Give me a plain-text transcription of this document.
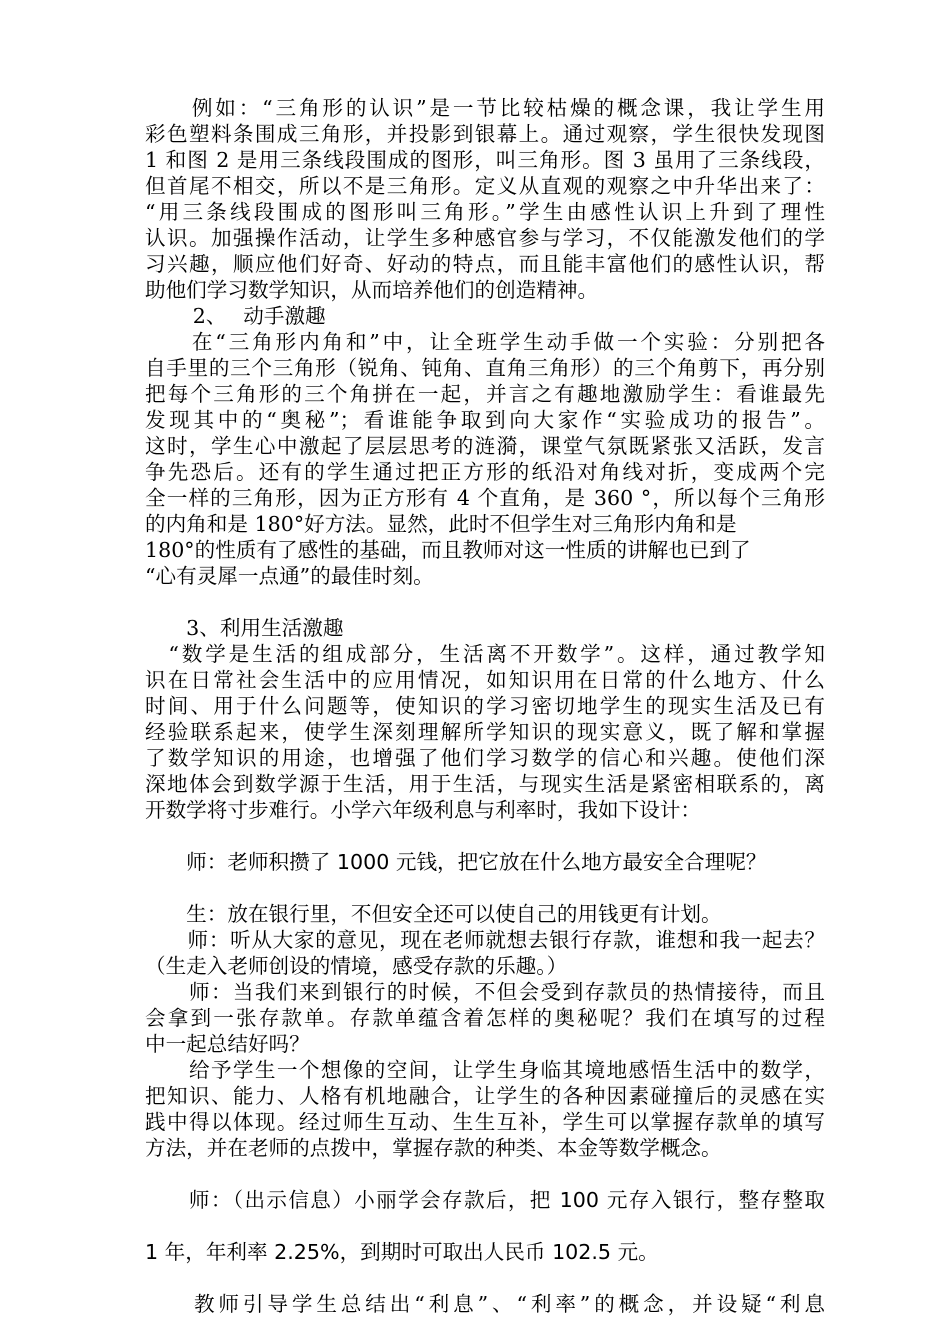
　　例如：“三角形的认识”是一节比较枯燥的概念课，我让学生用
彩色塑料条围成三角形，并投影到银幕上。通过观察，学生很快发现图
1 和图 2 是用三条线段围成的图形，叫三角形。图 3 虽用了三条线段，
但首尾不相交，所以不是三角形。定义从直观的观察之中升华出来了：
“用三条线段围成的图形叫三角形。”学生由感性认识上升到了理性
认识。加强操作活动，让学生多种感官参与学习，不仅能激发他们的学
习兴趣，顺应他们好奇、好动的特点，而且能丰富他们的感性认识，帮
助他们学习数学知识，从而培养他们的创造精神。
　　 2、　 动手激趣
　　在“三角形内角和”中，让全班学生动手做一个实验：分别把各
自手里的三个三角形（锐角、钝角、直角三角形）的三个角剪下，再分别
把每个三角形的三个角拼在一起，并言之有趣地激励学生：看谁最先
发现其中的“奥秘”；看谁能争取到向大家作“实验成功的报告”。
这时，学生心中激起了层层思考的涟漪，课堂气氛既紧张又活跃，发言
争先恐后。还有的学生通过把正方形的纸沿对角线对折，变成两个完
全一样的三角形，因为正方形有 4 个直角，是 360 °，所以每个三角形
的内角和是 180°好方法。显然，此时不但学生对三角形内角和是
180°的性质有了感性的基础，而且教师对这一性质的讲解也已到了
“心有灵犀一点通”的最佳时刻。
　　3、利用生活激趣
　“数学是生活的组成部分，生活离不开数学”。这样，通过教学知
识在日常社会生活中的应用情况，如知识用在日常的什么地方、什么
时间、用于什么问题等，使知识的学习密切地学生的现实生活及已有
经验联系起来，使学生深刻理解所学知识的现实意义，既了解和掌握
了数学知识的用途，也增强了他们学习数学的信心和兴趣。使他们深
深地体会到数学源于生活，用于生活，与现实生活是紧密相联系的，离
开数学将寸步难行。小学六年级利息与利率时，我如下设计：
　　师：老师积攒了 1000 元钱，把它放在什么地方最安全合理呢？
　　生：放在银行里，不但安全还可以使自己的用钱更有计划。
　　师：听从大家的意见，现在老师就想去银行存款，谁想和我一起去？
（生走入老师创设的情境，感受存款的乐趣。）
　　师：当我们来到银行的时候，不但会受到存款员的热情接待，而且
会拿到一张存款单。存款单蕴含着怎样的奥秘呢？我们在填写的过程
中一起总结好吗？
　　给予学生一个想像的空间，让学生身临其境地感悟生活中的数学，
把知识、能力、人格有机地融合，让学生的各种因素碰撞后的灵感在实
践中得以体现。经过师生互动、生生互补，学生可以掌握存款单的填写
方法，并在老师的点拨中，掌握存款的种类、本金等数学概念。
　　师：（出示信息）小丽学会存款后，把 100 元存入银行，整存整取
1 年，年利率 2.25%，到期时可取出人民币 102.5 元。
　　教师引导学生总结出“利息”、“利率”的概念，并设疑“利息
